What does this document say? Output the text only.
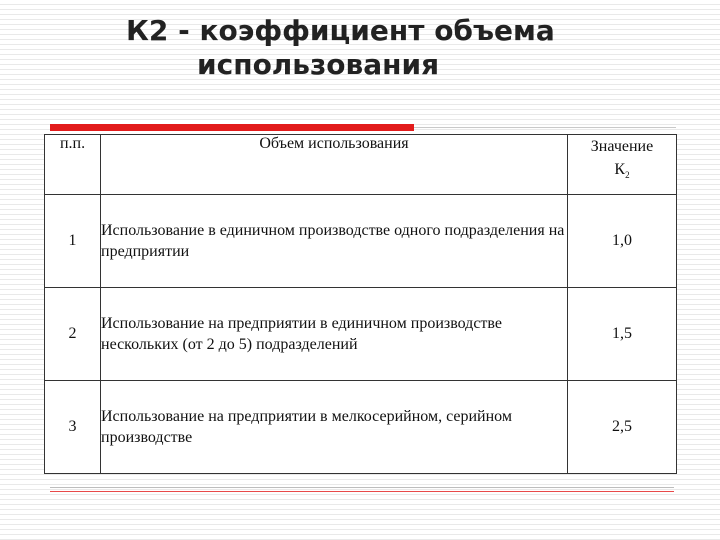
К2 - коэффициент объема
использования
п.п.	Объем использования	Значение
$К_2$
1	Использование в единичном производстве одного подразделения на предприятии	1,0
2	Использование на предприятии в единичном производстве нескольких (от 2 до 5) подразделений	1,5
3	Использование на предприятии в мелкосерийном, серийном производстве	2,5
